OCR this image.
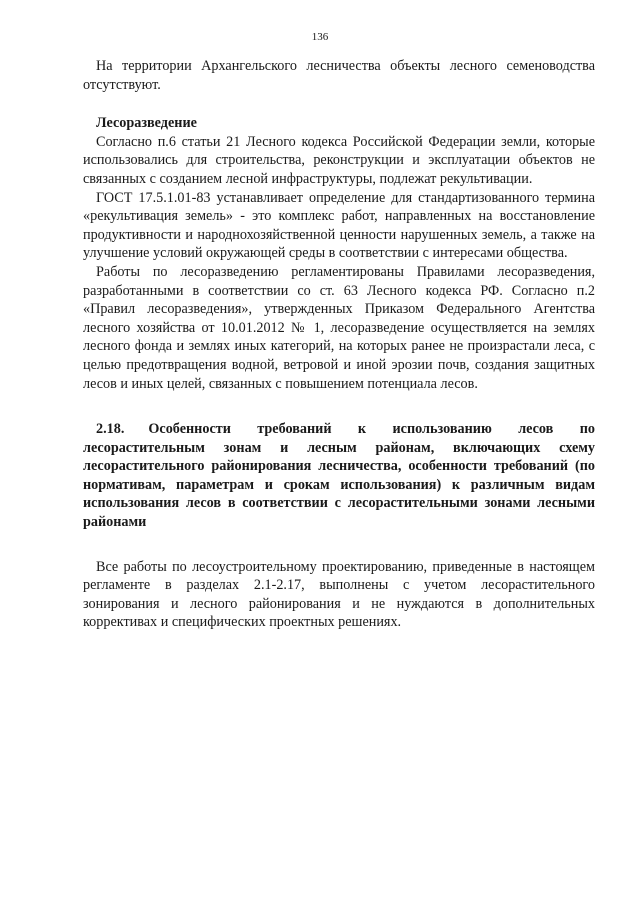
136

На территории Архангельского лесничества объекты лесного семеноводства отсутствуют.

Лесоразведение

Согласно п.6 статьи 21 Лесного кодекса Российской Федерации земли, которые использовались для строительства, реконструкции и эксплуатации объектов не связанных с созданием лесной инфраструктуры, подлежат рекультивации.

ГОСТ 17.5.1.01-83 устанавливает определение для стандартизованного термина «рекультивация земель» - это комплекс работ, направленных на восстановление продуктивности и народнохозяйственной ценности нарушенных земель, а также на улучшение условий окружающей среды в соответствии с интересами общества.

Работы по лесоразведению регламентированы Правилами лесоразведения, разработанными в соответствии со ст. 63 Лесного кодекса РФ. Согласно п.2 «Правил лесоразведения», утвержденных Приказом Федерального Агентства лесного хозяйства от 10.01.2012 № 1, лесоразведение осуществляется на землях лесного фонда и землях иных категорий, на которых ранее не произрастали леса, с целью предотвращения водной, ветровой и иной эрозии почв, создания защитных лесов и иных целей, связанных с повышением потенциала лесов.

2.18. Особенности требований к использованию лесов по лесорастительным зонам и лесным районам, включающих схему лесорастительного районирования лесничества, особенности требований (по нормативам, параметрам и срокам использования) к различным видам использования лесов в соответствии с лесорастительными зонами лесными районами

Все работы по лесоустроительному проектированию, приведенные в настоящем регламенте в разделах 2.1-2.17, выполнены с учетом лесорастительного зонирования и лесного районирования и не нуждаются в дополнительных коррективах и специфических проектных решениях.
